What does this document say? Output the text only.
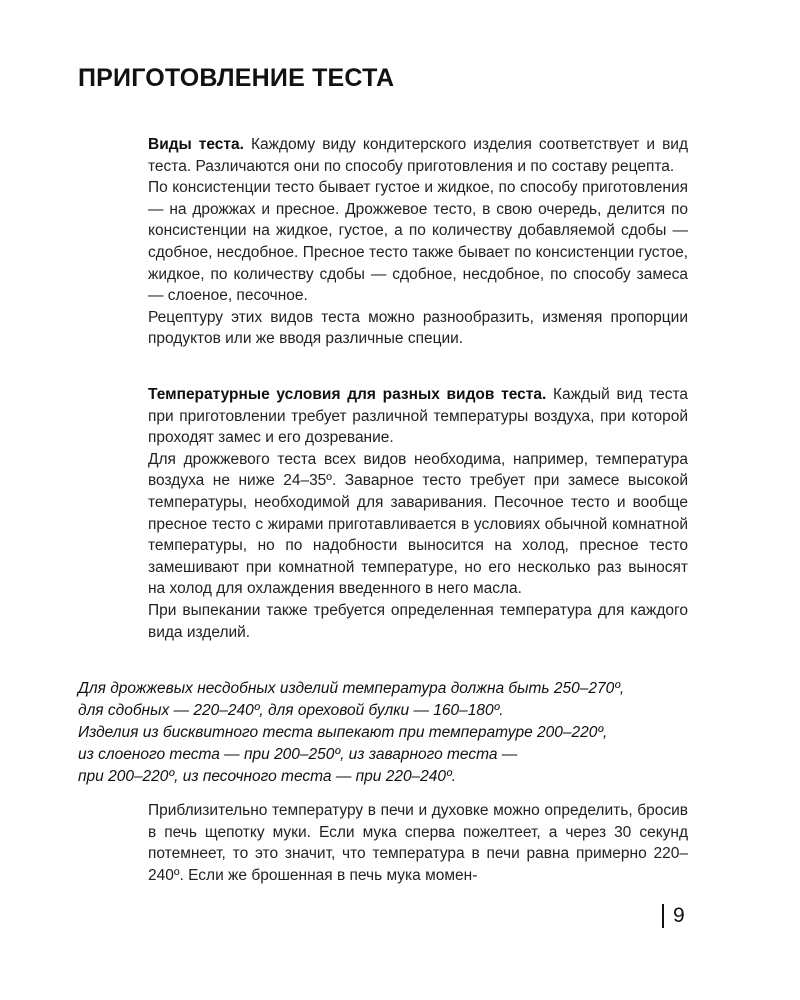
ПРИГОТОВЛЕНИЕ ТЕСТА

Виды теста. Каждому виду кондитерского изделия соответствует и вид теста. Различаются они по способу приготовления и по составу рецепта.

По консистенции тесто бывает густое и жидкое, по способу приготовления — на дрожжах и пресное. Дрожжевое тесто, в свою очередь, делится по консистенции на жидкое, густое, а по количеству добавляемой сдобы — сдобное, несдобное. Пресное тесто также бывает по консистенции густое, жидкое, по количеству сдобы — сдобное, несдобное, по способу замеса — слоеное, песочное.

Рецептуру этих видов теста можно разнообразить, изменяя пропорции продуктов или же вводя различные специи.

Температурные условия для разных видов теста. Каждый вид теста при приготовлении требует различной температуры воздуха, при которой проходят замес и его дозревание.

Для дрожжевого теста всех видов необходима, например, температура воздуха не ниже 24–35º. Заварное тесто требует при замесе высокой температуры, необходимой для заваривания. Песочное тесто и вообще пресное тесто с жирами приготавливается в условиях обычной комнатной температуры, но по надобности выносится на холод, пресное тесто замешивают при комнатной температуре, но его несколько раз выносят на холод для охлаждения введенного в него масла.

При выпекании также требуется определенная температура для каждого вида изделий.

Для дрожжевых несдобных изделий температура должна быть 250–270º,

для сдобных — 220–240º, для ореховой булки — 160–180º.

Изделия из бисквитного теста выпекают при температуре 200–220º,

из слоеного теста — при 200–250º, из заварного теста —

при 200–220º, из песочного теста — при 220–240º.

Приблизительно температуру в печи и духовке можно определить, бросив в печь щепотку муки. Если мука сперва пожелтеет, а через 30 секунд потемнеет, то это значит, что температура в печи равна примерно 220–240º. Если же брошенная в печь мука момен-

9
